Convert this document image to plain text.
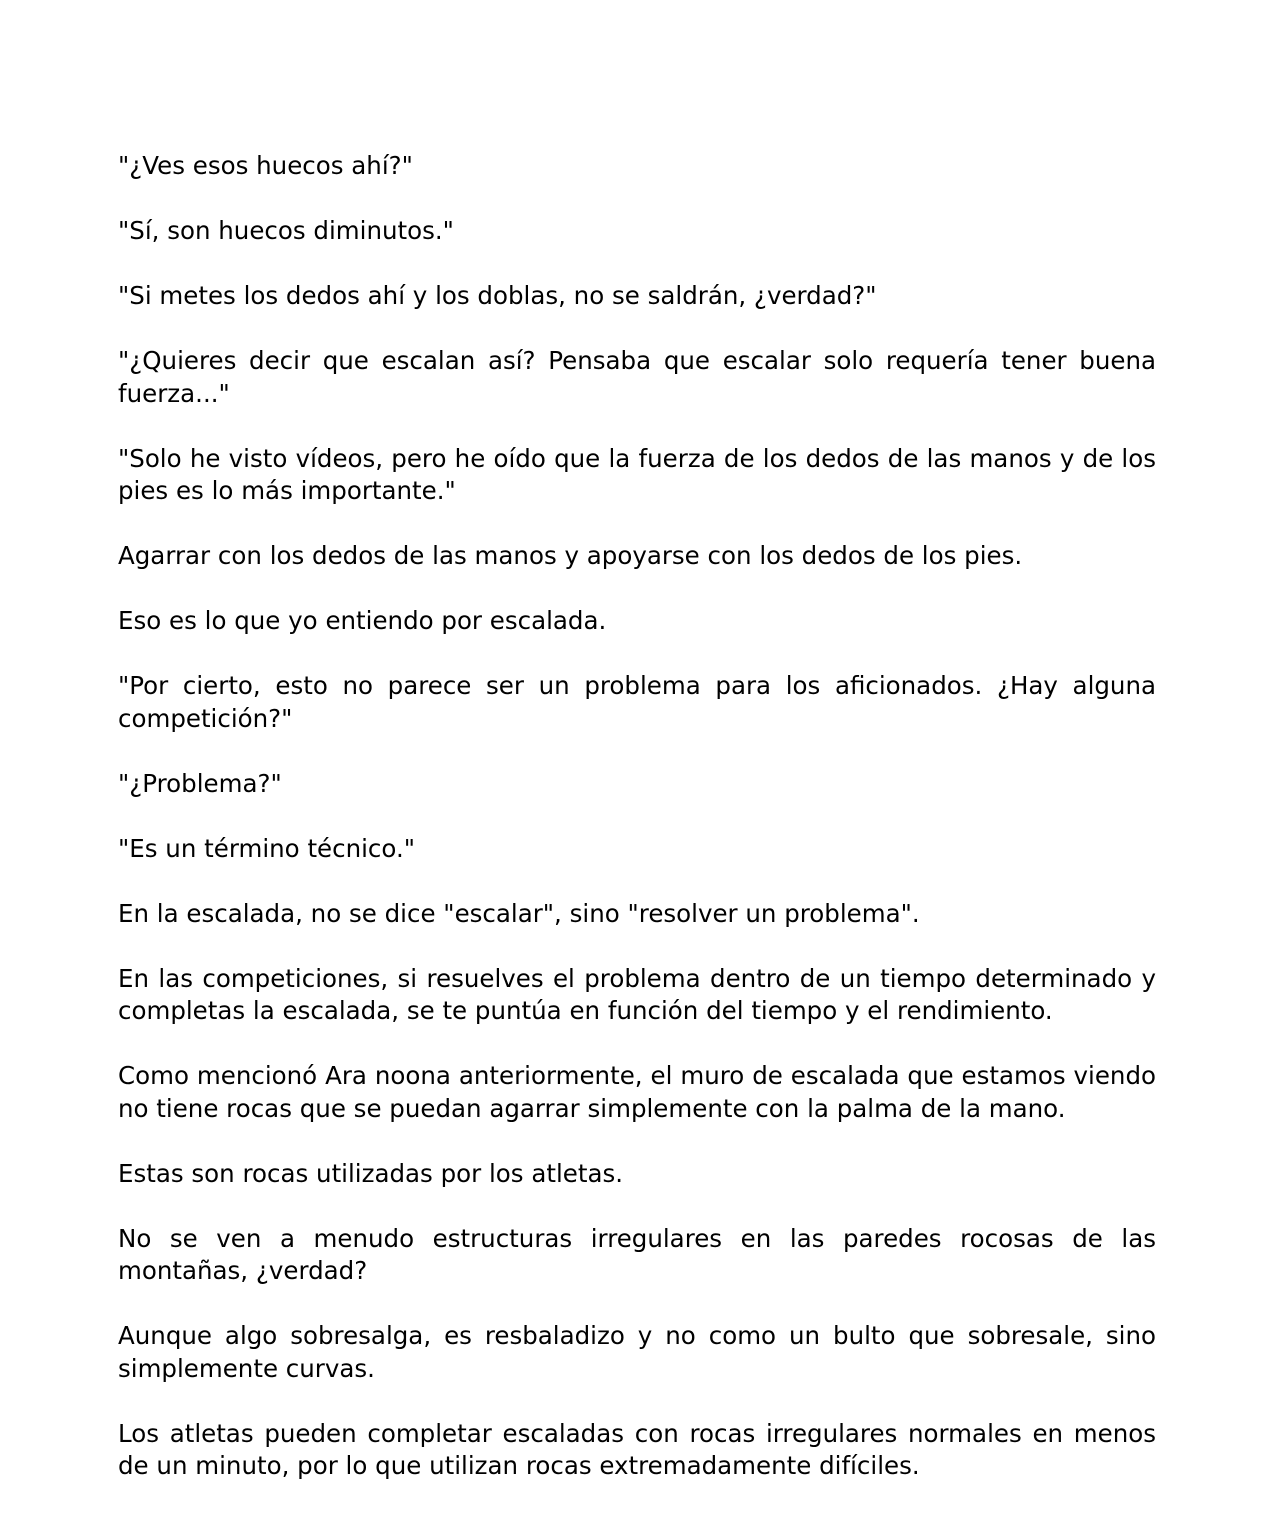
"¿Ves esos huecos ahí?"

"Sí, son huecos diminutos."

"Si metes los dedos ahí y los doblas, no se saldrán, ¿verdad?"

"¿Quieres decir que escalan así? Pensaba que escalar solo requería tener buena fuerza..."

"Solo he visto vídeos, pero he oído que la fuerza de los dedos de las manos y de los pies es lo más importante."

Agarrar con los dedos de las manos y apoyarse con los dedos de los pies.

Eso es lo que yo entiendo por escalada.

"Por cierto, esto no parece ser un problema para los aficionados. ¿Hay alguna competición?"

"¿Problema?"

"Es un término técnico."

En la escalada, no se dice "escalar", sino "resolver un problema".

En las competiciones, si resuelves el problema dentro de un tiempo determinado y completas la escalada, se te puntúa en función del tiempo y el rendimiento.

Como mencionó Ara noona anteriormente, el muro de escalada que estamos viendo no tiene rocas que se puedan agarrar simplemente con la palma de la mano.

Estas son rocas utilizadas por los atletas.

No se ven a menudo estructuras irregulares en las paredes rocosas de las montañas, ¿verdad?

Aunque algo sobresalga, es resbaladizo y no como un bulto que sobresale, sino simplemente curvas.

Los atletas pueden completar escaladas con rocas irregulares normales en menos de un minuto, por lo que utilizan rocas extremadamente difíciles.
